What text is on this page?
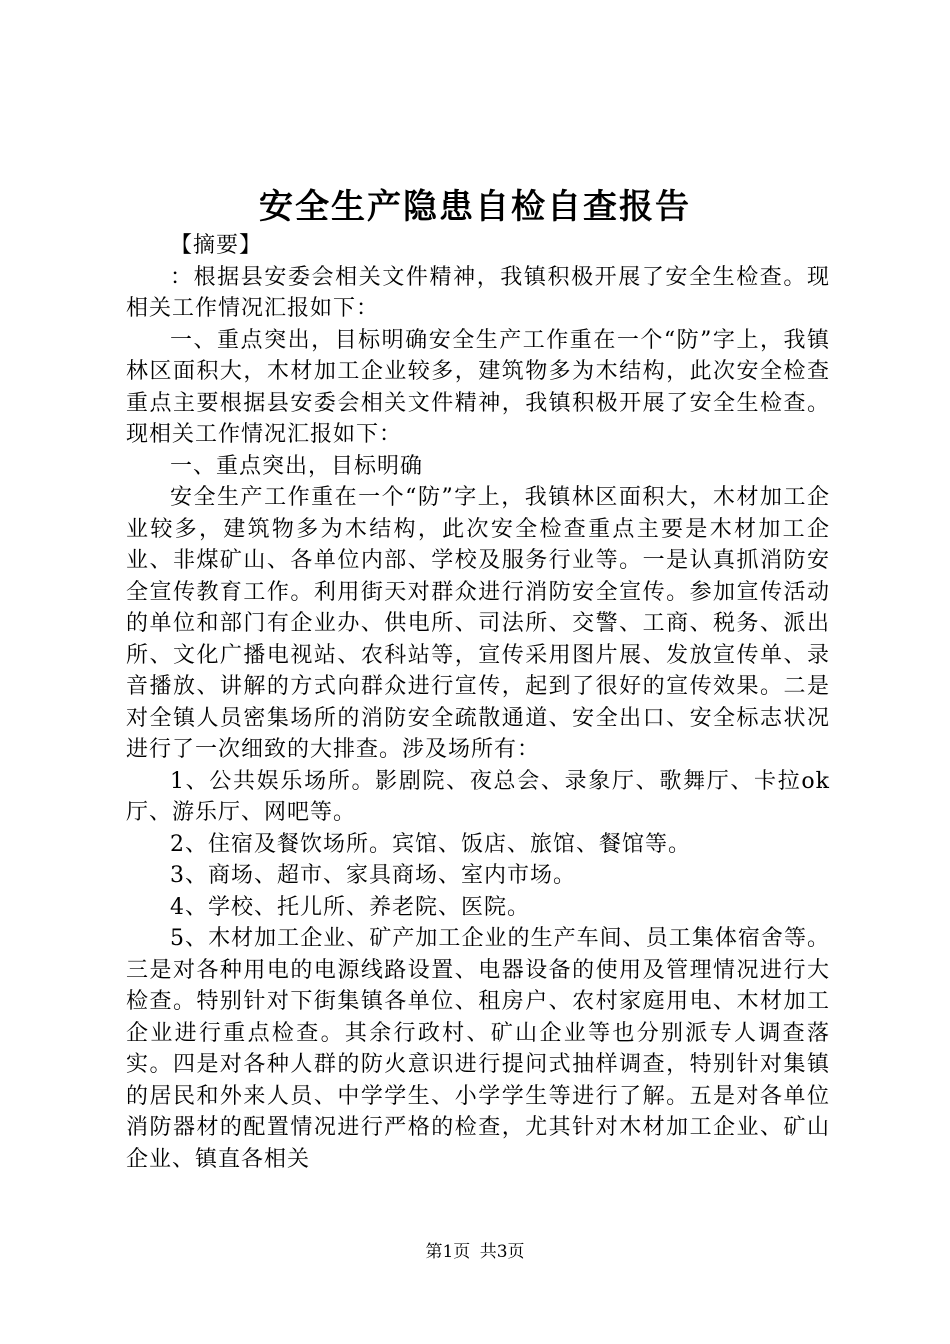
安全生产隐患自检自查报告

【摘要】

：根据县安委会相关文件精神，我镇积极开展了安全生检查。现相关工作情况汇报如下：

一、重点突出，目标明确安全生产工作重在一个“防”字上，我镇林区面积大，木材加工企业较多，建筑物多为木结构，此次安全检查重点主要根据县安委会相关文件精神，我镇积极开展了安全生检查。现相关工作情况汇报如下：

一、重点突出，目标明确

安全生产工作重在一个“防”字上，我镇林区面积大，木材加工企业较多，建筑物多为木结构，此次安全检查重点主要是木材加工企业、非煤矿山、各单位内部、学校及服务行业等。一是认真抓消防安全宣传教育工作。利用街天对群众进行消防安全宣传。参加宣传活动的单位和部门有企业办、供电所、司法所、交警、工商、税务、派出所、文化广播电视站、农科站等，宣传采用图片展、发放宣传单、录音播放、讲解的方式向群众进行宣传，起到了很好的宣传效果。二是对全镇人员密集场所的消防安全疏散通道、安全出口、安全标志状况进行了一次细致的大排查。涉及场所有：

1、公共娱乐场所。影剧院、夜总会、录象厅、歌舞厅、卡拉ok厅、游乐厅、网吧等。

2、住宿及餐饮场所。宾馆、饭店、旅馆、餐馆等。

3、商场、超市、家具商场、室内市场。

4、学校、托儿所、养老院、医院。

5、木材加工企业、矿产加工企业的生产车间、员工集体宿舍等。三是对各种用电的电源线路设置、电器设备的使用及管理情况进行大检查。特别针对下街集镇各单位、租房户、农村家庭用电、木材加工企业进行重点检查。其余行政村、矿山企业等也分别派专人调查落实。四是对各种人群的防火意识进行提问式抽样调查，特别针对集镇的居民和外来人员、中学学生、小学学生等进行了解。五是对各单位消防器材的配置情况进行严格的检查，尤其针对木材加工企业、矿山企业、镇直各相关

第1页 共3页
